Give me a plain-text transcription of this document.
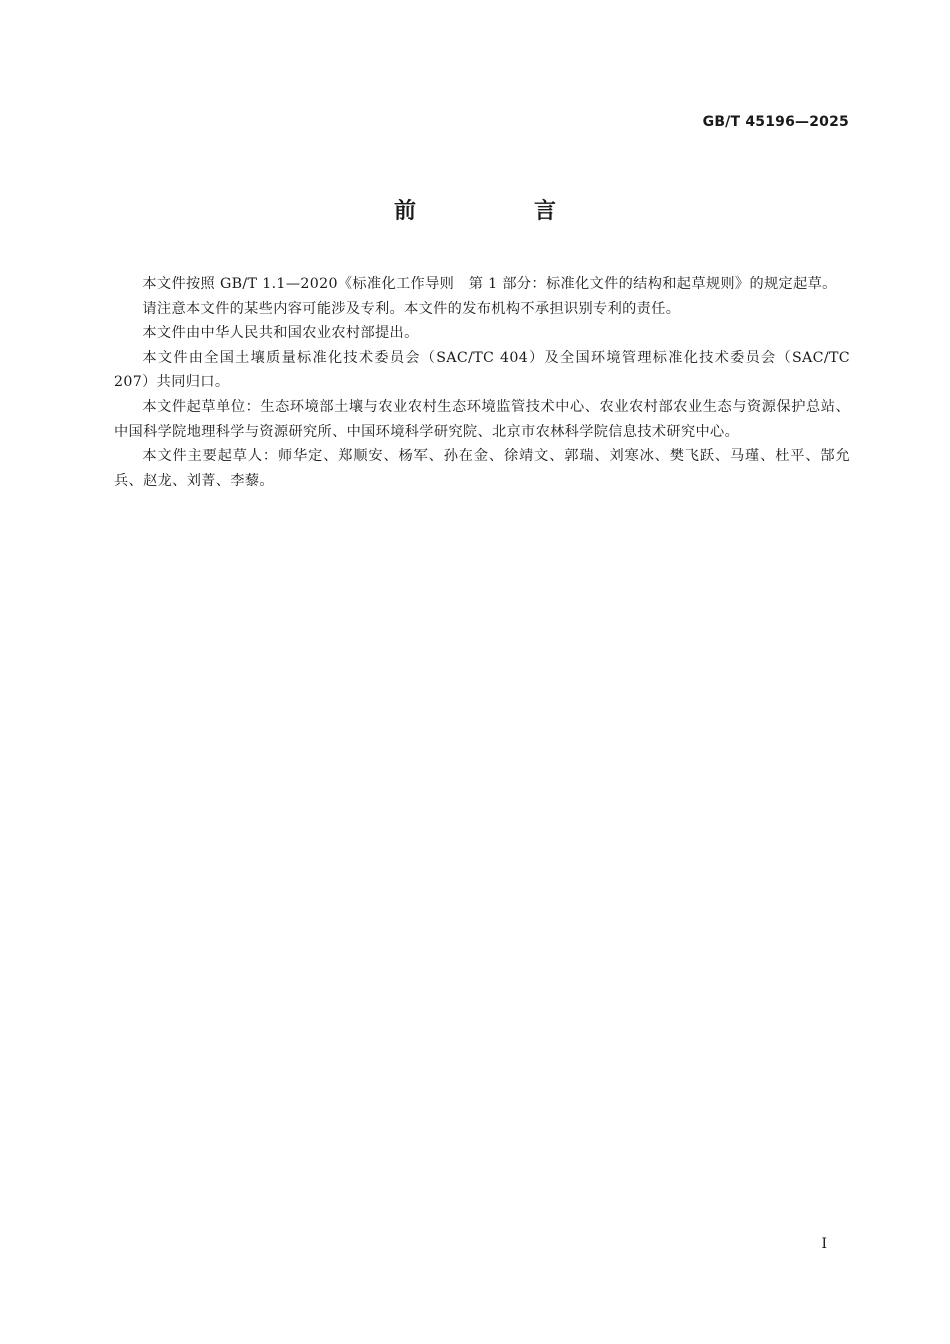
GB/T 45196—2025
前　言

本文件按照 GB/T 1.1—2020《标准化工作导则　第 1 部分：标准化文件的结构和起草规则》的规定起草。

请注意本文件的某些内容可能涉及专利。本文件的发布机构不承担识别专利的责任。

本文件由中华人民共和国农业农村部提出。

本文件由全国土壤质量标准化技术委员会（SAC/TC 404）及全国环境管理标准化技术委员会（SAC/TC 207）共同归口。

本文件起草单位：生态环境部土壤与农业农村生态环境监管技术中心、农业农村部农业生态与资源保护总站、中国科学院地理科学与资源研究所、中国环境科学研究院、北京市农林科学院信息技术研究中心。

本文件主要起草人：师华定、郑顺安、杨军、孙在金、徐靖文、郭瑞、刘寒冰、樊飞跃、马瑾、杜平、郜允兵、赵龙、刘菁、李藜。

I
